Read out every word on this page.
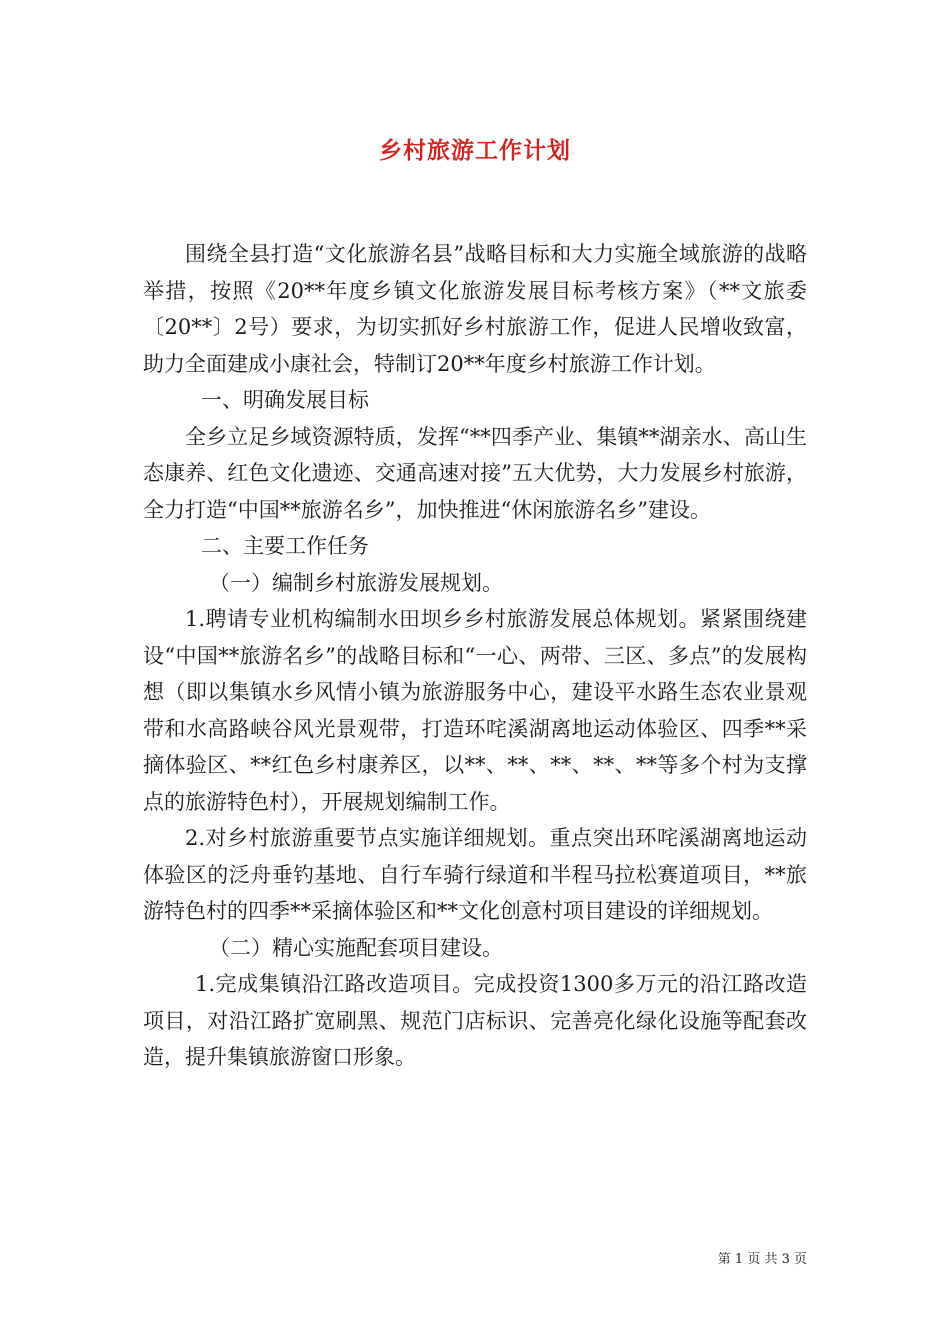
乡村旅游工作计划

围绕全县打造“文化旅游名县”战略目标和大力实施全域旅游的战略举措，按照《20**年度乡镇文化旅游发展目标考核方案》（**文旅委〔20**〕2号）要求，为切实抓好乡村旅游工作，促进人民增收致富，助力全面建成小康社会，特制订20**年度乡村旅游工作计划。

一、明确发展目标

全乡立足乡域资源特质，发挥“**四季产业、集镇**湖亲水、高山生态康养、红色文化遗迹、交通高速对接”五大优势，大力发展乡村旅游，全力打造“中国**旅游名乡”，加快推进“休闲旅游名乡”建设。

二、主要工作任务

（一）编制乡村旅游发展规划。

1.聘请专业机构编制水田坝乡乡村旅游发展总体规划。紧紧围绕建设“中国**旅游名乡”的战略目标和“一心、两带、三区、多点”的发展构想（即以集镇水乡风情小镇为旅游服务中心，建设平水路生态农业景观带和水高路峡谷风光景观带，打造环咤溪湖离地运动体验区、四季**采摘体验区、**红色乡村康养区，以**、**、**、**、**等多个村为支撑点的旅游特色村），开展规划编制工作。

2.对乡村旅游重要节点实施详细规划。重点突出环咤溪湖离地运动体验区的泛舟垂钓基地、自行车骑行绿道和半程马拉松赛道项目，**旅游特色村的四季**采摘体验区和**文化创意村项目建设的详细规划。

（二）精心实施配套项目建设。

1.完成集镇沿江路改造项目。完成投资1300多万元的沿江路改造项目，对沿江路扩宽刷黑、规范门店标识、完善亮化绿化设施等配套改造，提升集镇旅游窗口形象。

第 1 页 共 3 页
